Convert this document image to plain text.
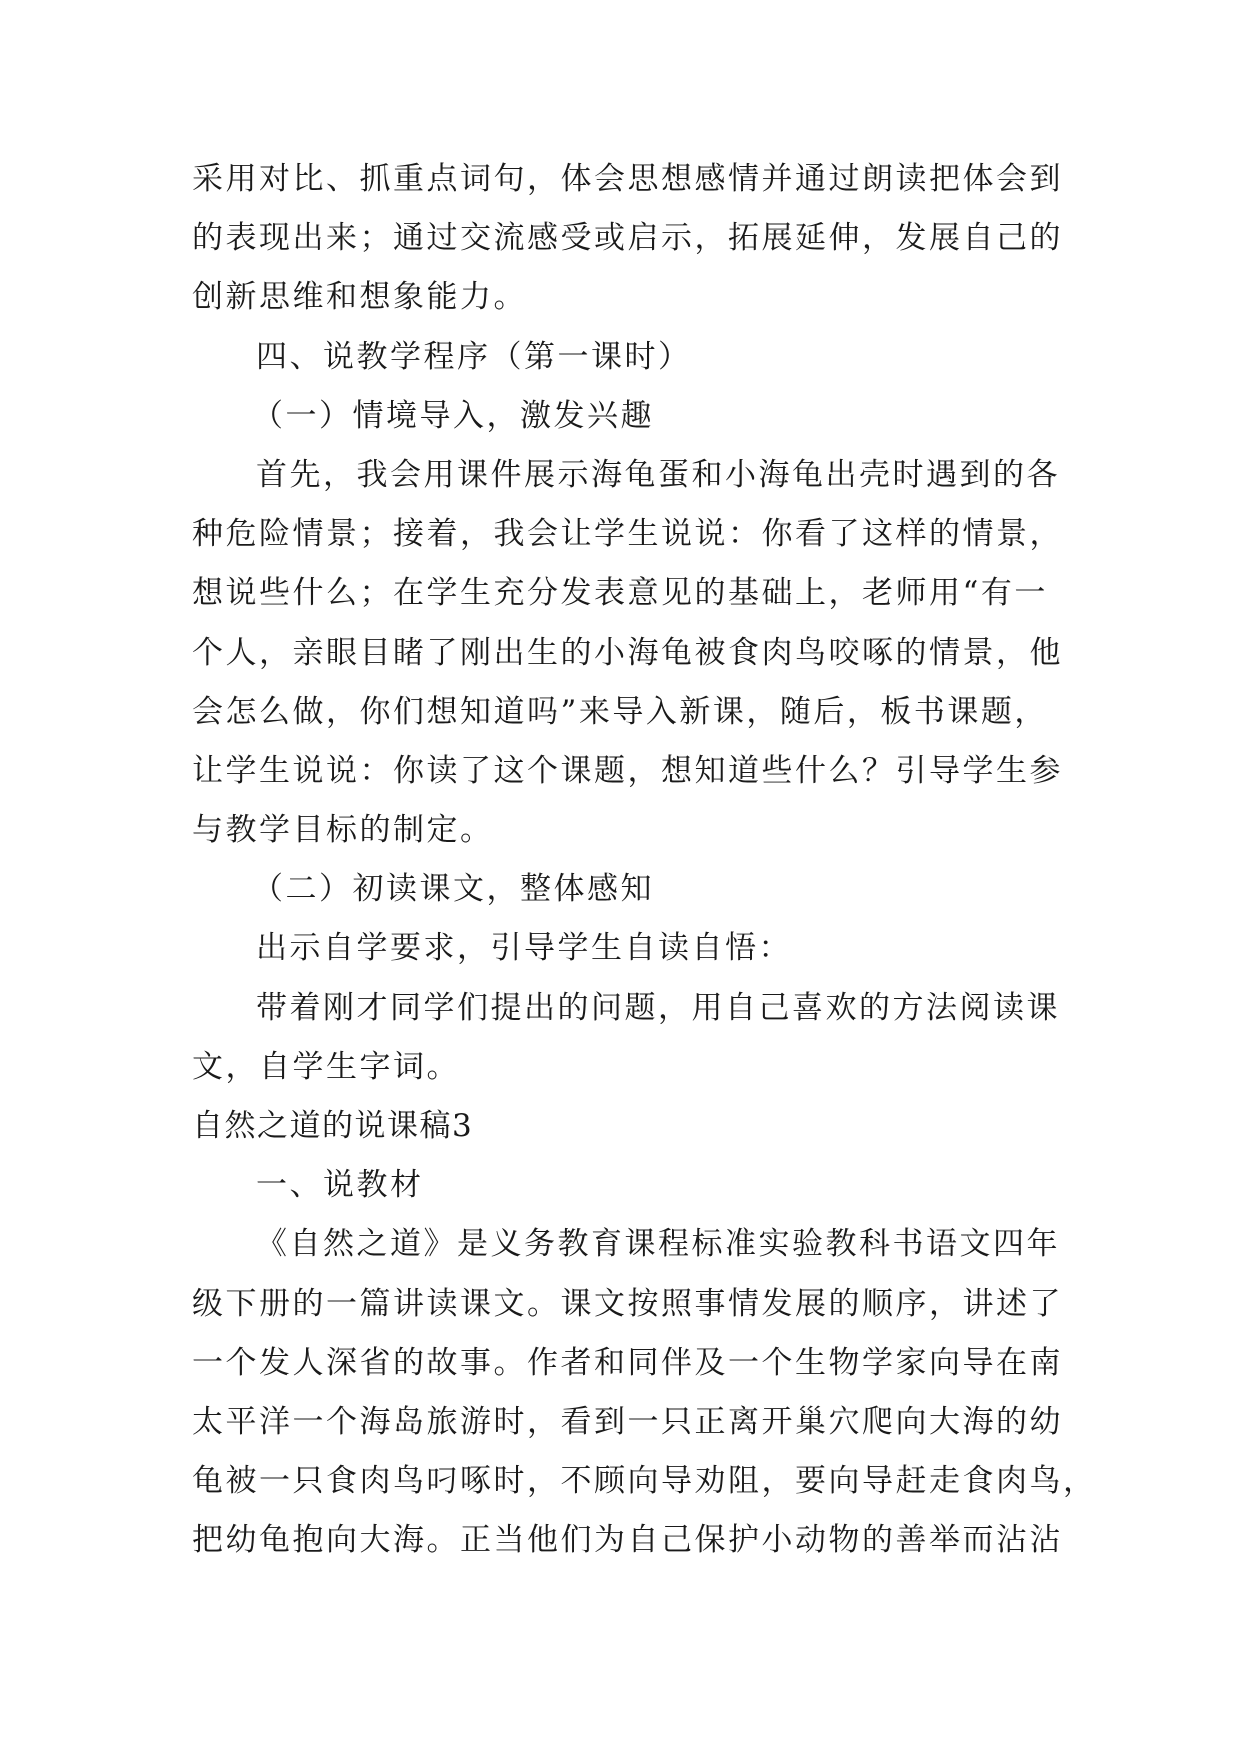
采用对比、抓重点词句，体会思想感情并通过朗读把体会到
的表现出来；通过交流感受或启示，拓展延伸，发展自己的
创新思维和想象能力。
四、说教学程序（第一课时）
（一）情境导入，激发兴趣
首先，我会用课件展示海龟蛋和小海龟出壳时遇到的各
种危险情景；接着，我会让学生说说：你看了这样的情景，
想说些什么；在学生充分发表意见的基础上，老师用“有一
个人，亲眼目睹了刚出生的小海龟被食肉鸟咬啄的情景，他
会怎么做，你们想知道吗”来导入新课，随后，板书课题，
让学生说说：你读了这个课题，想知道些什么？引导学生参
与教学目标的制定。
（二）初读课文，整体感知
出示自学要求，引导学生自读自悟：
带着刚才同学们提出的问题，用自己喜欢的方法阅读课
文，自学生字词。
自然之道的说课稿3
一、说教材
《自然之道》是义务教育课程标准实验教科书语文四年
级下册的一篇讲读课文。课文按照事情发展的顺序，讲述了
一个发人深省的故事。作者和同伴及一个生物学家向导在南
太平洋一个海岛旅游时，看到一只正离开巢穴爬向大海的幼
龟被一只食肉鸟叼啄时，不顾向导劝阻，要向导赶走食肉鸟，
把幼龟抱向大海。正当他们为自己保护小动物的善举而沾沾
